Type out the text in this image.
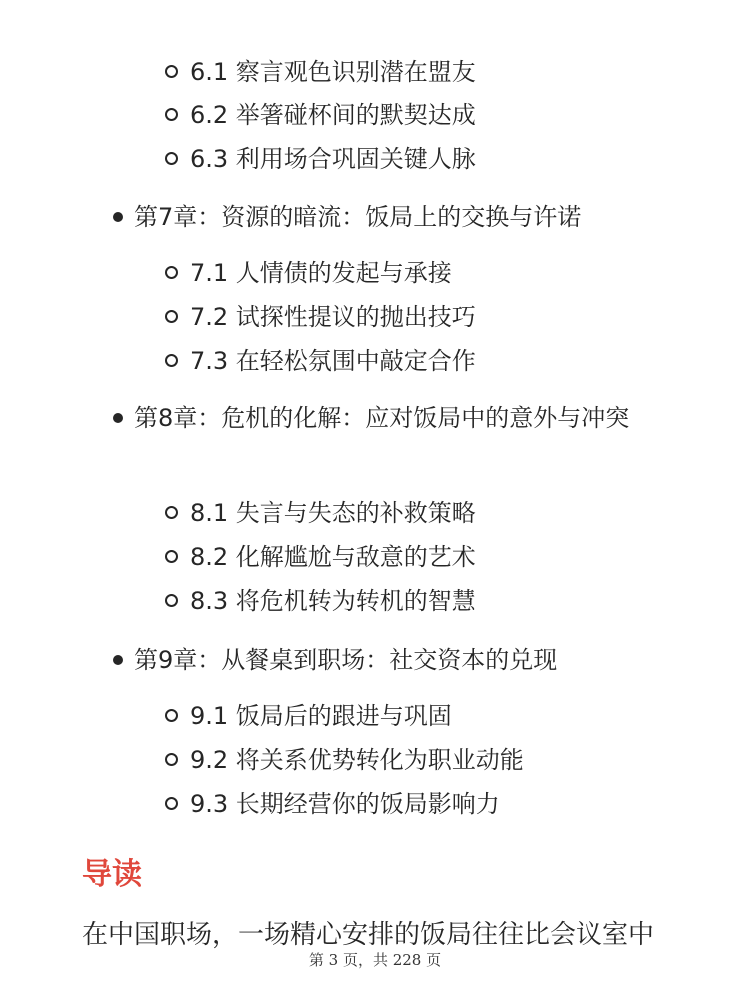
6.1 察言观色识别潜在盟友
6.2 举箸碰杯间的默契达成
6.3 利用场合巩固关键人脉
第7章：资源的暗流：饭局上的交换与许诺
7.1 人情债的发起与承接
7.2 试探性提议的抛出技巧
7.3 在轻松氛围中敲定合作
第8章：危机的化解：应对饭局中的意外与冲突
8.1 失言与失态的补救策略
8.2 化解尴尬与敌意的艺术
8.3 将危机转为转机的智慧
第9章：从餐桌到职场：社交资本的兑现
9.1 饭局后的跟进与巩固
9.2 将关系优势转化为职业动能
9.3 长期经营你的饭局影响力
导读
在中国职场，一场精心安排的饭局往往比会议室中
第 3 页，共 228 页
